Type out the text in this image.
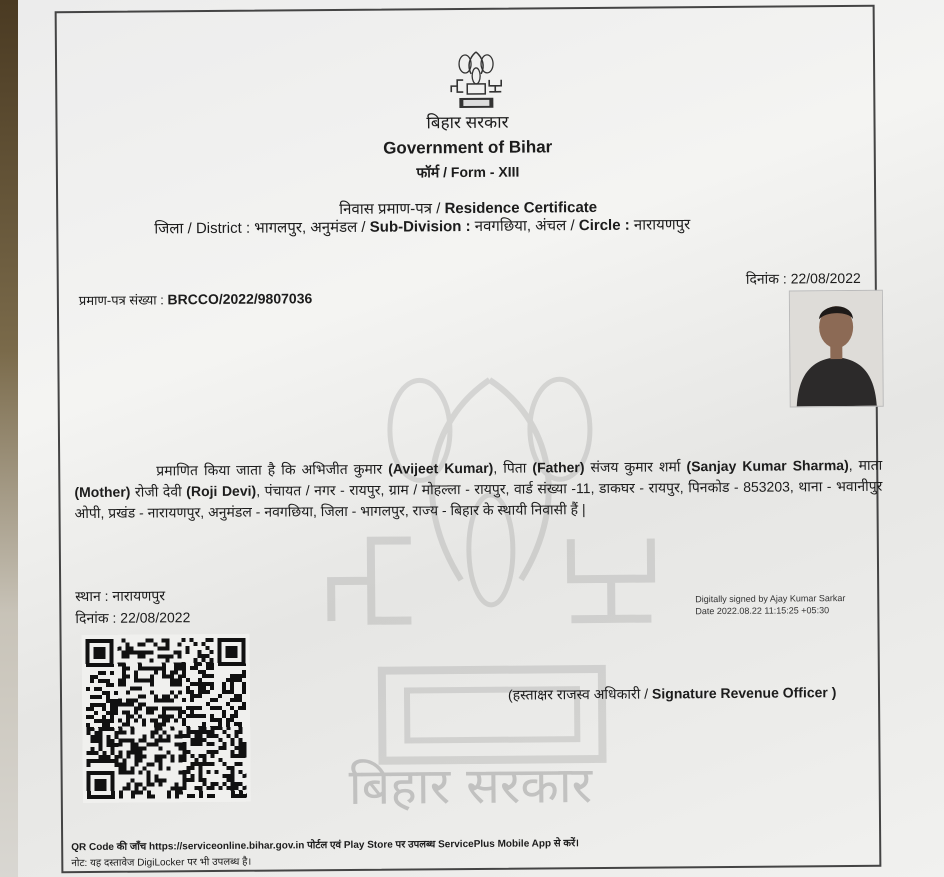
बिहार सरकार
बिहार सरकार
Government of Bihar
फॉर्म / Form - XIII
निवास प्रमाण-पत्र / Residence Certificate
जिला / District : भागलपुर, अनुमंडल / Sub-Division : नवगछिया, अंचल / Circle : नारायणपुर
प्रमाण-पत्र संख्या : BRCCO/2022/9807036
दिनांक : 22/08/2022
प्रमाणित किया जाता है कि अभिजीत कुमार (Avijeet Kumar), पिता (Father) संजय कुमार शर्मा (Sanjay Kumar Sharma), माता (Mother) रोजी देवी (Roji Devi), पंचायत / नगर - रायपुर, ग्राम / मोहल्ला - रायपुर, वार्ड संख्या -11, डाकघर - रायपुर, पिनकोड - 853203, थाना - भवानीपुर ओपी, प्रखंड - नारायणपुर, अनुमंडल - नवगछिया, जिला - भागलपुर, राज्य - बिहार के स्थायी निवासी हैं |
स्थान : नारायणपुर
दिनांक : 22/08/2022
Digitally signed by Ajay Kumar Sarkar
Date 2022.08.22 11:15:25 +05:30
(हस्ताक्षर राजस्व अधिकारी / Signature Revenue Officer )
QR Code की जाँच https://serviceonline.bihar.gov.in पोर्टल एवं Play Store पर उपलब्ध ServicePlus Mobile App से करें।
नोट: यह दस्तावेज DigiLocker पर भी उपलब्ध है।
